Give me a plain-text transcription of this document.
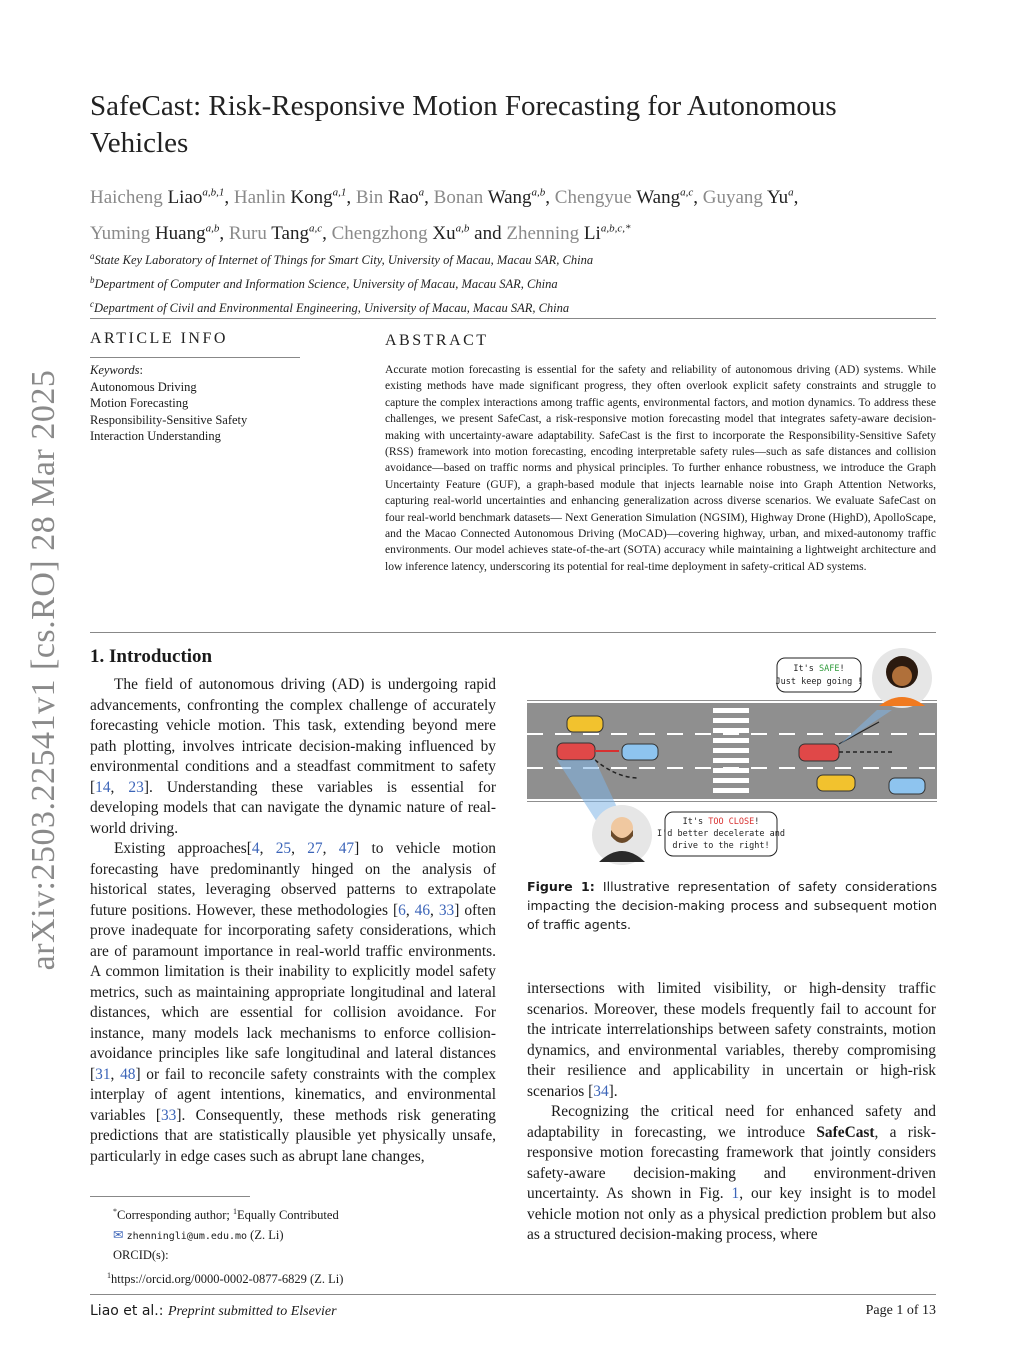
arXiv:2503.22541v1 [cs.RO] 28 Mar 2025
SafeCast: Risk-Responsive Motion Forecasting for Autonomous Vehicles
Haicheng Liao$^{a,b,1}$, Hanlin Kong$^{a,1}$, Bin Rao$^a$, Bonan Wang$^{a,b}$, Chengyue Wang$^{a,c}$, Guyang Yu$^a$,
Yuming Huang$^{a,b}$, Ruru Tang$^{a,c}$, Chengzhong Xu$^{a,b}$ and Zhenning $Li^{a,b,c,*}$
$^a$State Key Laboratory of Internet of Things for Smart City, University of Macau, Macau SAR, China
$^b$Department of Computer and Information Science, University of Macau, Macau SAR, China
$^c$Department of Civil and Environmental Engineering, University of Macau, Macau SAR, China
ARTICLE INFO
Keywords:
Autonomous Driving
Motion Forecasting
Responsibility-Sensitive Safety
Interaction Understanding
ABSTRACT
Accurate motion forecasting is essential for the safety and reliability of autonomous driving (AD) systems. While existing methods have made significant progress, they often overlook explicit safety constraints and struggle to capture the complex interactions among traffic agents, environmental factors, and motion dynamics. To address these challenges, we present SafeCast, a risk-responsive motion forecasting model that integrates safety-aware decision-making with uncertainty-aware adaptability. SafeCast is the first to incorporate the Responsibility-Sensitive Safety (RSS) framework into motion forecasting, encoding interpretable safety rules—such as safe distances and collision avoidance—based on traffic norms and physical principles. To further enhance robustness, we introduce the Graph Uncertainty Feature (GUF), a graph-based module that injects learnable noise into Graph Attention Networks, capturing real-world uncertainties and enhancing generalization across diverse scenarios. We evaluate SafeCast on four real-world benchmark datasets— Next Generation Simulation (NGSIM), Highway Drone (HighD), ApolloScape, and the Macao Connected Autonomous Driving (MoCAD)—covering highway, urban, and mixed-autonomy traffic environments. Our model achieves state-of-the-art (SOTA) accuracy while maintaining a lightweight architecture and low inference latency, underscoring its potential for real-time deployment in safety-critical AD systems.
1. Introduction

The field of autonomous driving (AD) is undergoing rapid advancements, confronting the complex challenge of accurately forecasting vehicle motion. This task, extending beyond mere path plotting, involves intricate decision-making influenced by environmental conditions and a steadfast commitment to safety [14, 23]. Understanding these variables is essential for developing models that can navigate the dynamic nature of real-world driving.

Existing approaches[4, 25, 27, 47] to vehicle motion forecasting have predominantly hinged on the analysis of historical states, leveraging observed patterns to extrapolate future positions. However, these methodologies [6, 46, 33] often prove inadequate for incorporating safety considerations, which are of paramount importance in real-world traffic environments. A common limitation is their inability to explicitly model safety metrics, such as maintaining appropriate longitudinal and lateral distances, which are essential for collision avoidance. For instance, many models lack mechanisms to enforce collision-avoidance principles like safe longitudinal and lateral distances [31, 48] or fail to reconcile safety constraints with the complex interplay of agent intentions, kinematics, and environmental variables [33]. Consequently, these methods risk generating predictions that are statistically plausible yet physically unsafe, particularly in edge cases such as abrupt lane changes,

It's SAFE!
Just keep going !
It's TOO CLOSE!
I'd better decelerate and
drive to the right!
Figure 1: Illustrative representation of safety considerations impacting the decision-making process and subsequent motion of traffic agents.

intersections with limited visibility, or high-density traffic scenarios. Moreover, these models frequently fail to account for the intricate interrelationships between safety constraints, motion dynamics, and environmental variables, thereby compromising their resilience and applicability in uncertain or high-risk scenarios [34].

Recognizing the critical need for enhanced safety and adaptability in forecasting, we introduce SafeCast, a risk-responsive motion forecasting framework that jointly considers safety-aware decision-making and environment-driven uncertainty. As shown in Fig. 1, our key insight is to model vehicle motion not only as a physical prediction problem but also as a structured decision-making process, where

*Corresponding author; $^1$Equally Contributed
✉ zhenningli@um.edu.mo (Z. Li)
ORCID(s):
$^1$https://orcid.org/0000-0002-0877-6829 (Z. Li)
Liao et al.: Preprint submitted to Elsevier	Page 1 of 13
